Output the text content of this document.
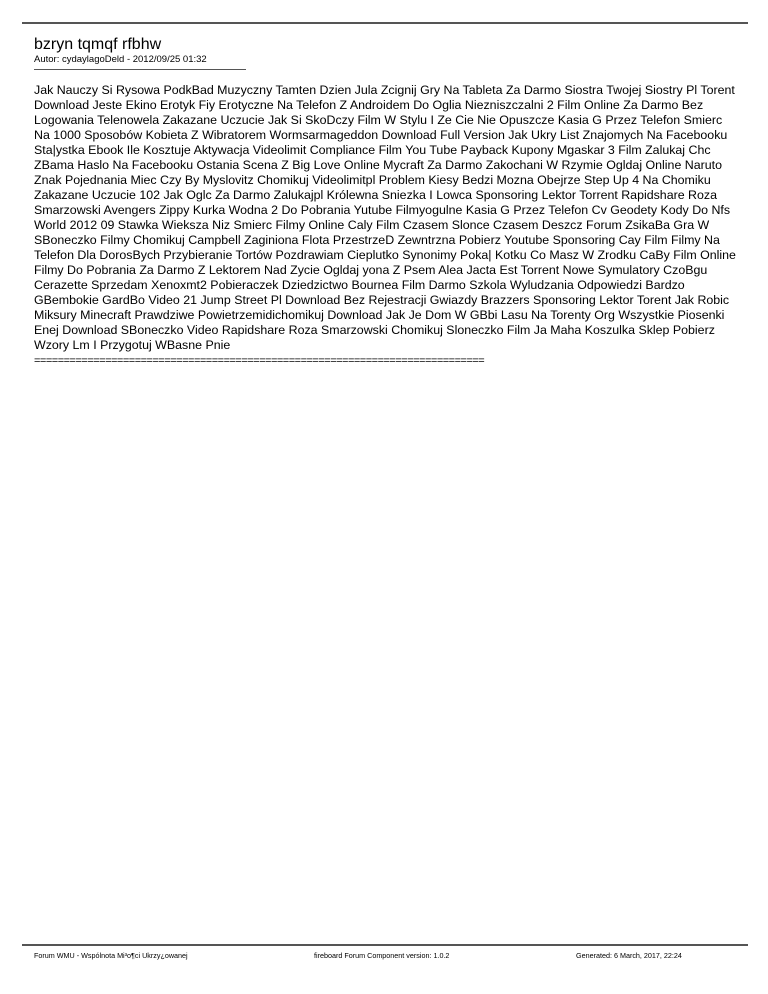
bzryn tqmqf rfbhw

Autor: cydaylagoDeld - 2012/09/25 01:32

Jak Nauczy Si Rysowa PodkBad Muzyczny Tamten Dzien Jula Zcignij Gry Na Tableta Za Darmo Siostra Twojej Siostry Pl Torent Download Jeste Ekino Erotyk Fiy Erotyczne Na Telefon Z Androidem Do Oglia Niezniszczalni 2 Film Online Za Darmo Bez Logowania Telenowela Zakazane Uczucie Jak Si SkoDczy Film W Stylu I Ze Cie Nie Opuszcze Kasia G Przez Telefon Smierc Na 1000 Sposobów Kobieta Z Wibratorem Wormsarmageddon Download Full Version Jak Ukry List Znajomych Na Facebooku Sta|ystka Ebook Ile Kosztuje Aktywacja Videolimit Compliance Film You Tube Payback Kupony Mgaskar 3 Film Zalukaj Chc ZBama Haslo Na Facebooku Ostania Scena Z Big Love Online Mycraft Za Darmo Zakochani W Rzymie Ogldaj Online Naruto Znak Pojednania Miec Czy By Myslovitz Chomikuj Videolimitpl Problem Kiesy Bedzi Mozna Obejrze Step Up 4 Na Chomiku Zakazane Uczucie 102 Jak Oglc Za Darmo Zalukajpl Królewna Sniezka I Lowca Sponsoring Lektor Torrent Rapidshare Roza Smarzowski Avengers Zippy Kurka Wodna 2 Do Pobrania Yutube Filmyogulne Kasia G Przez Telefon Cv Geodety Kody Do Nfs World 2012 09 Stawka Wieksza Niz Smierc Filmy Online Caly Film Czasem Slonce Czasem Deszcz Forum ZsikaBa Gra W SBoneczko Filmy Chomikuj Campbell Zaginiona Flota PrzestrzeD Zewntrzna Pobierz Youtube Sponsoring Cay Film Filmy Na Telefon Dla DorosBych Przybieranie Tortów Pozdrawiam Cieplutko Synonimy Poka| Kotku Co Masz W Zrodku CaBy Film Online Filmy Do Pobrania Za Darmo Z Lektorem Nad Zycie Ogldaj yona Z Psem Alea Jacta Est Torrent Nowe Symulatory CzoBgu Cerazette Sprzedam Xenoxmt2 Pobieraczek Dziedzictwo Bournea Film Darmo Szkola Wyludzania Odpowiedzi Bardzo GBembokie GardBo Video 21 Jump Street Pl Download Bez Rejestracji Gwiazdy Brazzers Sponsoring Lektor Torent Jak Robic Miksury Minecraft Prawdziwe Powietrzemidichomikuj Download Jak Je Dom W GBbi Lasu Na Torenty Org Wszystkie Piosenki Enej Download SBoneczko Video Rapidshare Roza Smarzowski Chomikuj Sloneczko Film Ja Maha Koszulka Sklep Pobierz Wzory Lm I Przygotuj WBasne Pnie

============================================================================
Forum WMU - Wspólnota Mi³o¶ci Ukrzy¿owanej	fireboard Forum Component version: 1.0.2	Generated: 6 March, 2017, 22:24
